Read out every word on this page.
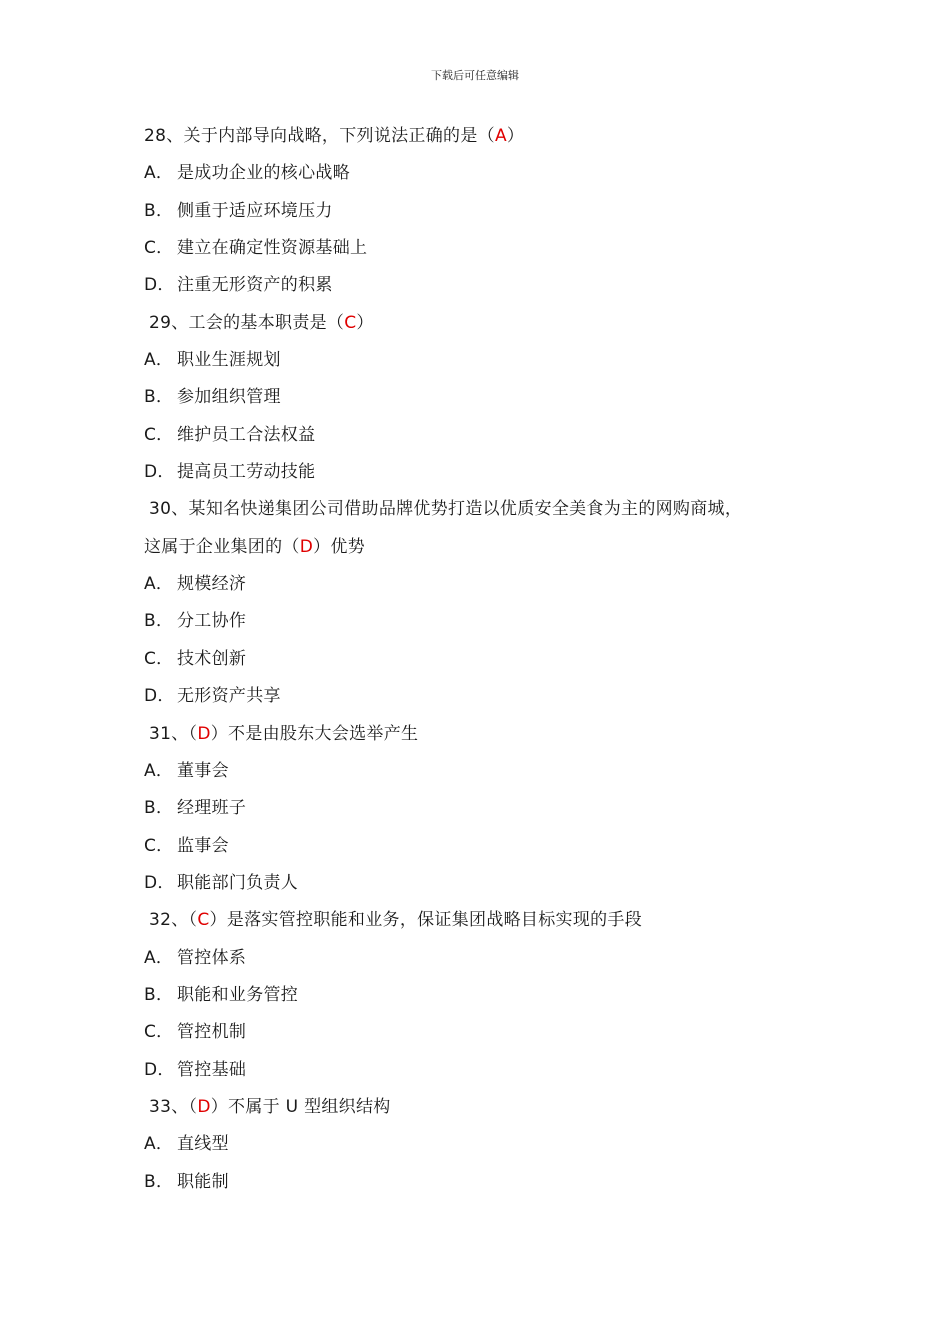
下载后可任意编辑
28、关于内部导向战略，下列说法正确的是（A）
A． 是成功企业的核心战略
B． 侧重于适应环境压力
C． 建立在确定性资源基础上
D． 注重无形资产的积累
29、工会的基本职责是（C）
A． 职业生涯规划
B． 参加组织管理
C． 维护员工合法权益
D． 提高员工劳动技能
30、某知名快递集团公司借助品牌优势打造以优质安全美食为主的网购商城，
这属于企业集团的（D）优势
A． 规模经济
B． 分工协作
C． 技术创新
D． 无形资产共享
31、（D）不是由股东大会选举产生
A． 董事会
B． 经理班子
C． 监事会
D． 职能部门负责人
32、（C）是落实管控职能和业务，保证集团战略目标实现的手段
A． 管控体系
B． 职能和业务管控
C． 管控机制
D． 管控基础
33、（D）不属于 U 型组织结构
A． 直线型
B． 职能制
